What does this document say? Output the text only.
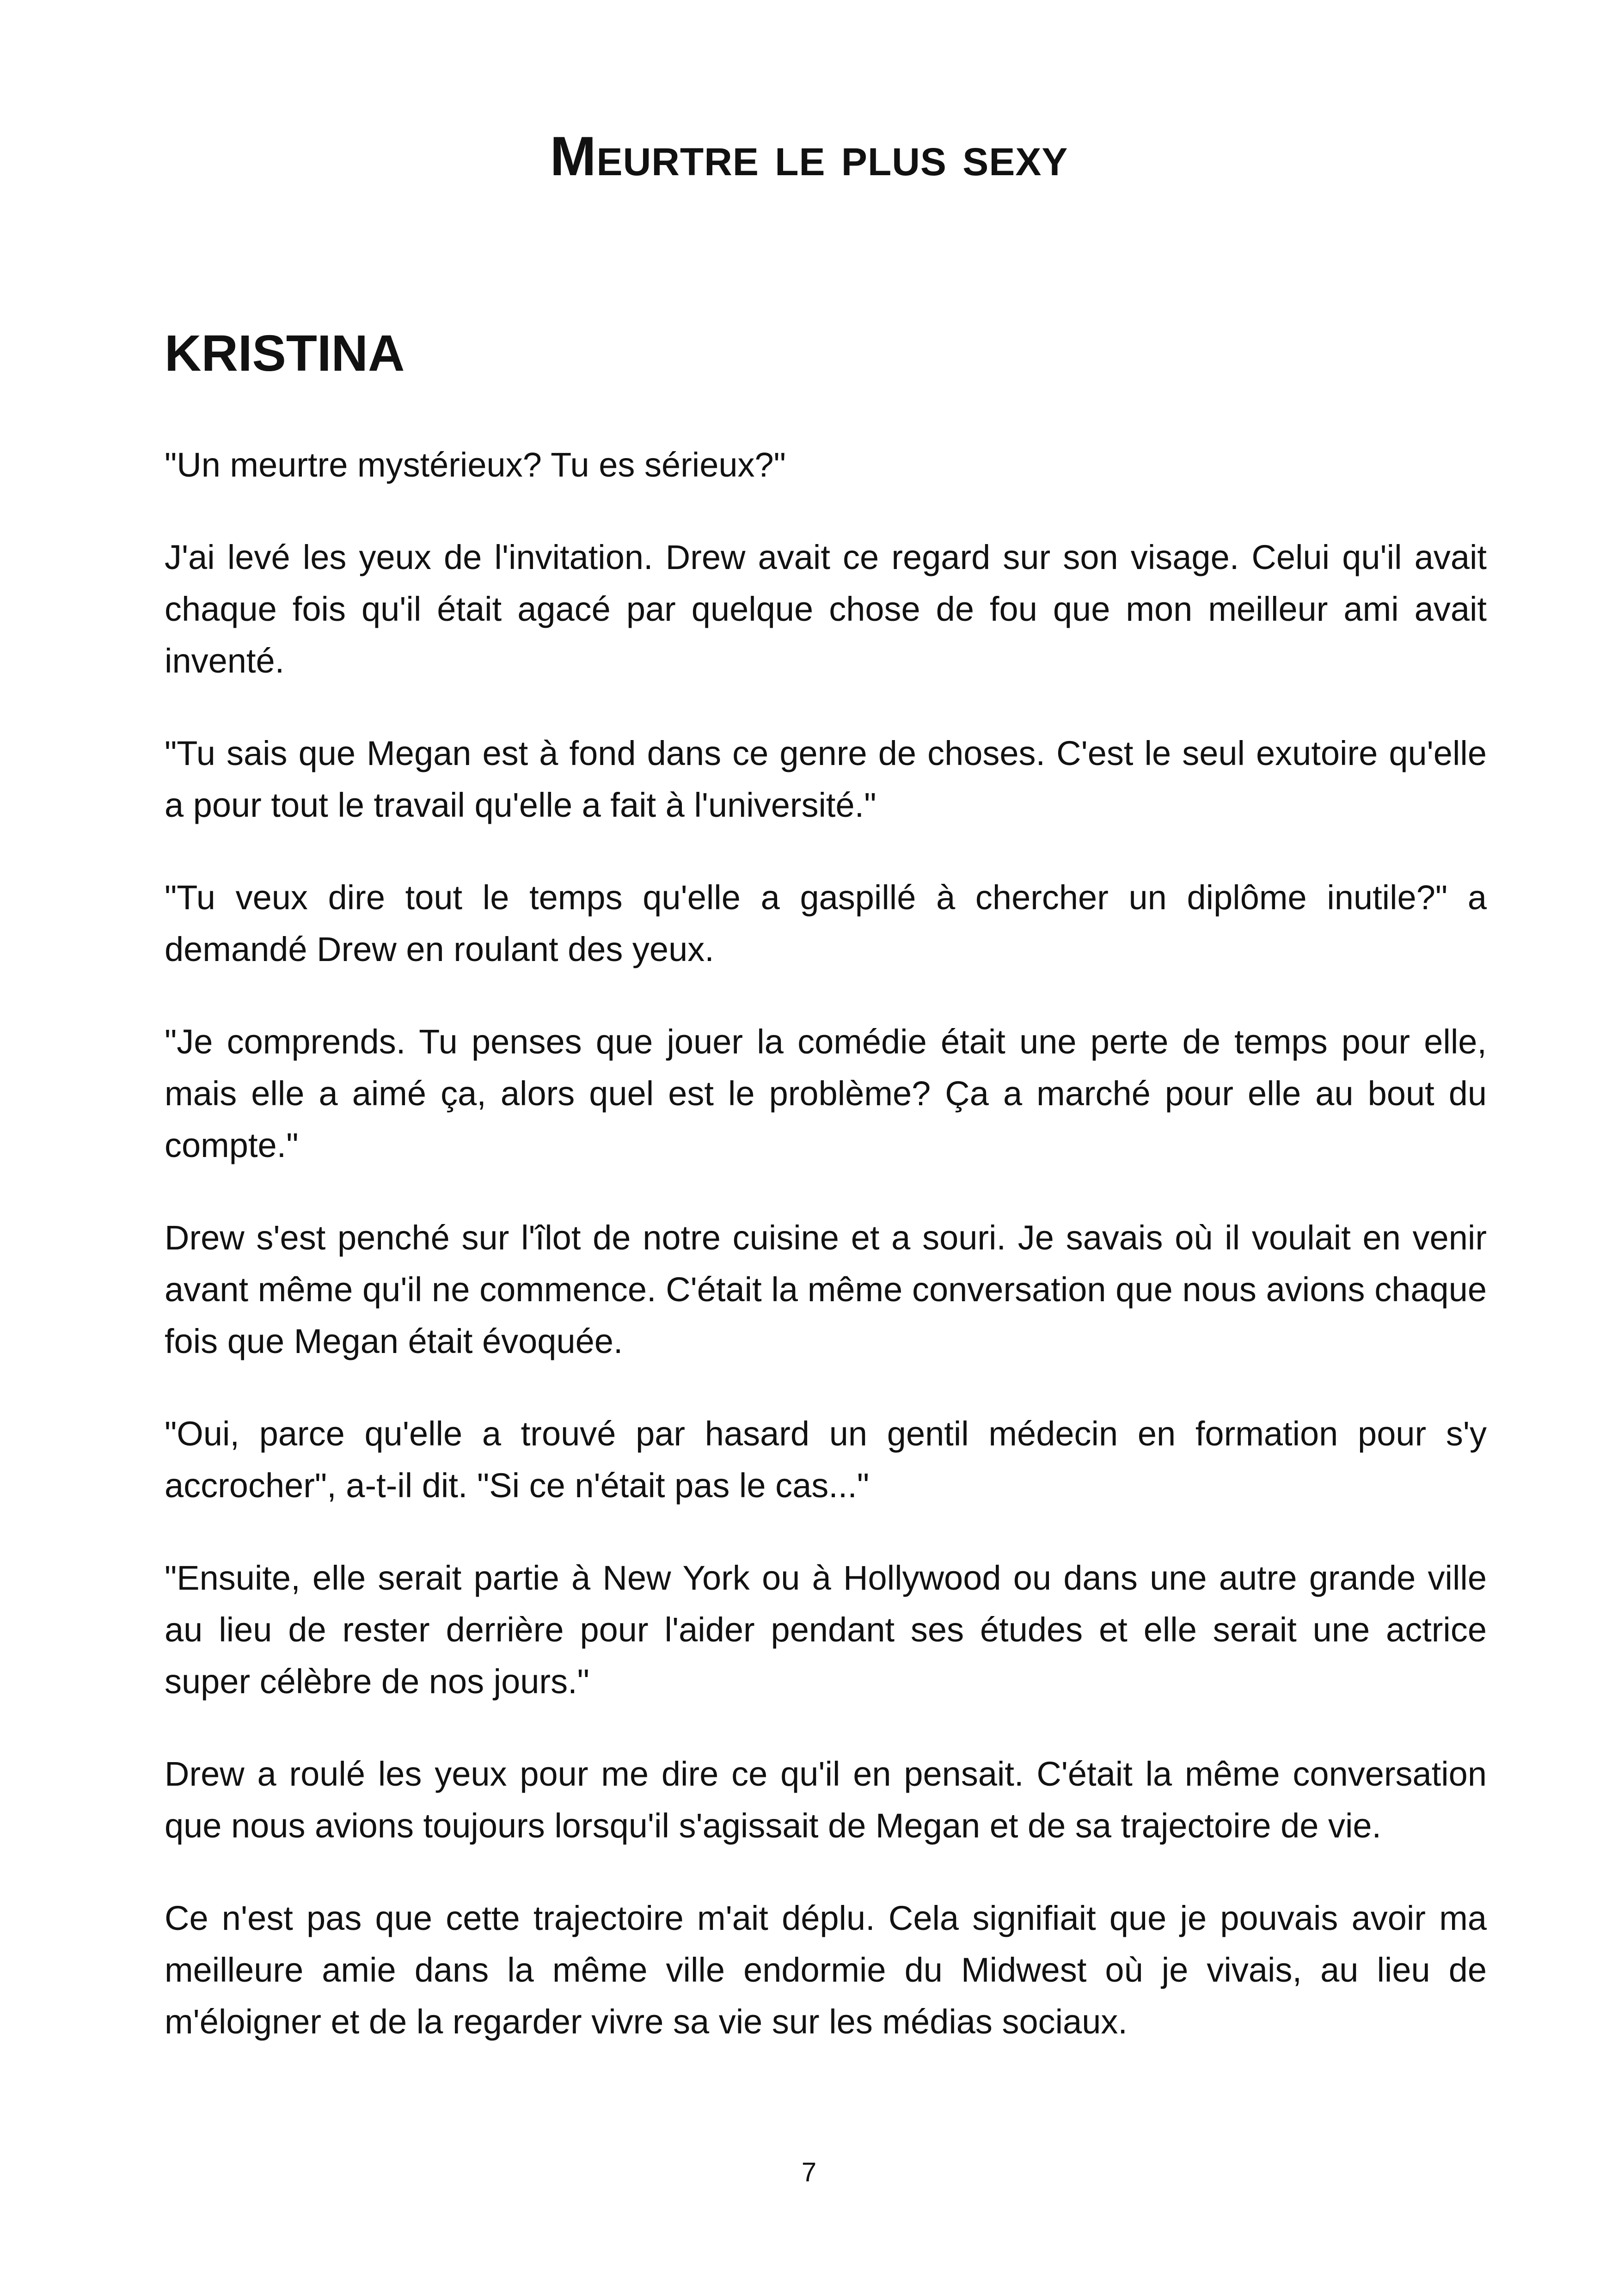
Meurtre le plus sexy
KRISTINA

"Un meurtre mystérieux? Tu es sérieux?"

J'ai levé les yeux de l'invitation. Drew avait ce regard sur son visage. Celui qu'il avait chaque fois qu'il était agacé par quelque chose de fou que mon meilleur ami avait inventé.

"Tu sais que Megan est à fond dans ce genre de choses. C'est le seul exutoire qu'elle a pour tout le travail qu'elle a fait à l'université."

"Tu veux dire tout le temps qu'elle a gaspillé à chercher un diplôme inutile?" a demandé Drew en roulant des yeux.

"Je comprends. Tu penses que jouer la comédie était une perte de temps pour elle, mais elle a aimé ça, alors quel est le problème? Ça a marché pour elle au bout du compte."

Drew s'est penché sur l'îlot de notre cuisine et a souri. Je savais où il voulait en venir avant même qu'il ne commence. C'était la même conversation que nous avions chaque fois que Megan était évoquée.

"Oui, parce qu'elle a trouvé par hasard un gentil médecin en formation pour s'y accrocher", a-t-il dit. "Si ce n'était pas le cas..."

"Ensuite, elle serait partie à New York ou à Hollywood ou dans une autre grande ville au lieu de rester derrière pour l'aider pendant ses études et elle serait une actrice super célèbre de nos jours."

Drew a roulé les yeux pour me dire ce qu'il en pensait. C'était la même conversation que nous avions toujours lorsqu'il s'agissait de Megan et de sa trajectoire de vie.

Ce n'est pas que cette trajectoire m'ait déplu. Cela signifiait que je pouvais avoir ma meilleure amie dans la même ville endormie du Midwest où je vivais, au lieu de m'éloigner et de la regarder vivre sa vie sur les médias sociaux.

7
